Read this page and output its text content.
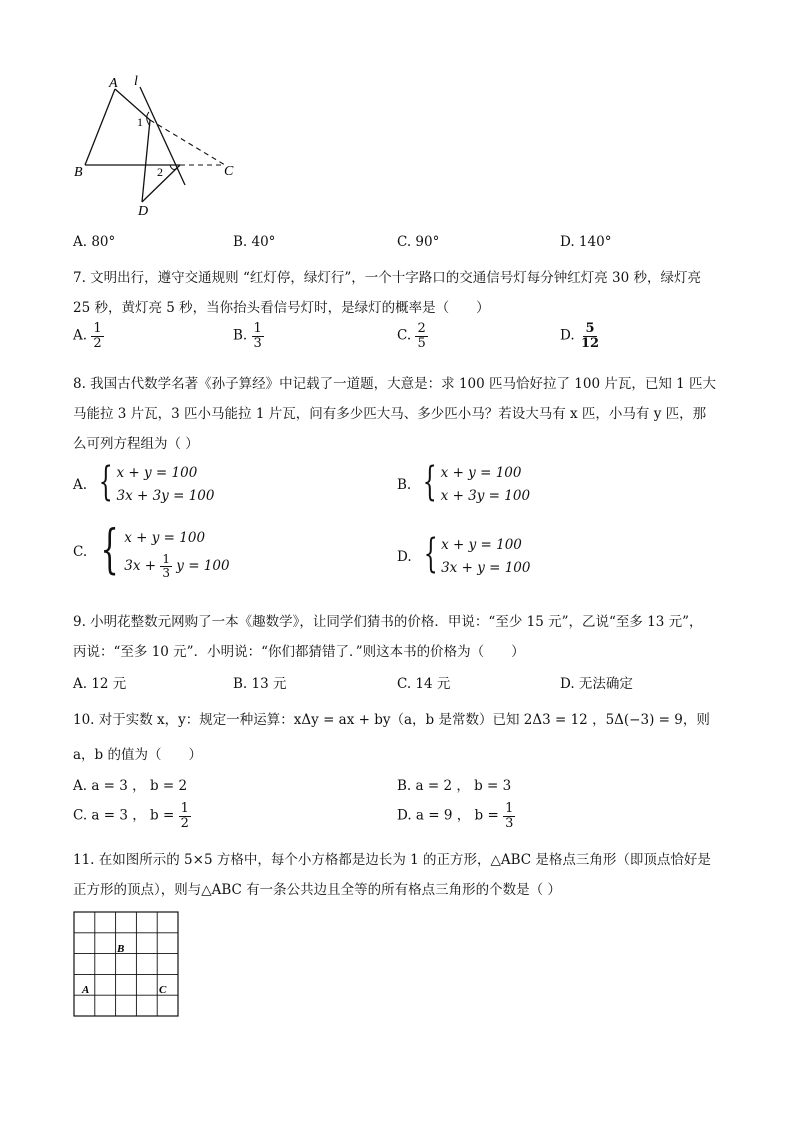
A l
B	C
D
1
2
A. 80°	B. 40°	C. 90°	D. 140°
7. 文明出行，遵守交通规则 “红灯停，绿灯行”，一个十字路口的交通信号灯每分钟红灯亮 30 秒，绿灯亮
25 秒，黄灯亮 5 秒，当你抬头看信号灯时，是绿灯的概率是（　　）
A. $\frac{1}{2}$	B. $\frac{1}{3}$	C. $\frac{2}{5}$	D. $\frac{5}{12}$
8. 我国古代数学名著《孙子算经》中记载了一道题，大意是：求 100 匹马恰好拉了 100 片瓦，已知 1 匹大
马能拉 3 片瓦，3 匹小马能拉 1 片瓦，问有多少匹大马、多少匹小马？若设大马有 x 匹，小马有 y 匹，那
么可列方程组为（ ）
A. { x + y = 100
3x + 3y = 100
B. { x + y = 100
x + 3y = 100
C. { x + y = 100
$3x + \frac{1}{3}$ y = 100
D. { x + y = 100
3x + y = 100
9. 小明花整数元网购了一本《趣数学》，让同学们猜书的价格．甲说：“至少 15 元”，乙说“至多 13 元”，
丙说：“至多 10 元”．小明说：“你们都猜错了．”则这本书的价格为（　　）
A. 12 元	B. 13 元	C. 14 元	D. 无法确定
10. 对于实数 x，y：规定一种运算：xΔy = ax + by（a，b 是常数）已知 2Δ3 = 12 ，5Δ(−3) = 9，则
a，b 的值为（　　）
A. a = 3 ， b = 2	B. a = 2 ， b = 3
C. a = 3 ， $b = \frac{1}{2}$	D. a = 9 ， $b = \frac{1}{3}$
11. 在如图所示的 5×5 方格中，每个小方格都是边长为 1 的正方形，△ABC 是格点三角形（即顶点恰好是
正方形的顶点），则与△ABC 有一条公共边且全等的所有格点三角形的个数是（ ）
B
A	C
